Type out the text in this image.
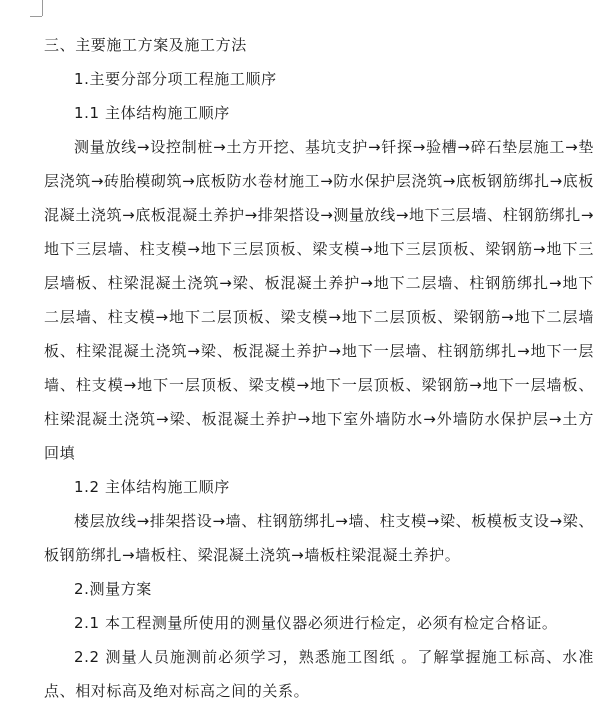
三、主要施工方案及施工方法
1.主要分部分项工程施工顺序
1.1 主体结构施工顺序
测量放线→设控制桩→土方开挖、基坑支护→钎探→验槽→碎石垫层施工→垫层浇筑→砖胎模砌筑→底板防水卷材施工→防水保护层浇筑→底板钢筋绑扎→底板混凝土浇筑→底板混凝土养护→排架搭设→测量放线→地下三层墙、柱钢筋绑扎→地下三层墙、柱支模→地下三层顶板、梁支模→地下三层顶板、梁钢筋→地下三层墙板、柱梁混凝土浇筑→梁、板混凝土养护→地下二层墙、柱钢筋绑扎→地下二层墙、柱支模→地下二层顶板、梁支模→地下二层顶板、梁钢筋→地下二层墙板、柱梁混凝土浇筑→梁、板混凝土养护→地下一层墙、柱钢筋绑扎→地下一层墙、柱支模→地下一层顶板、梁支模→地下一层顶板、梁钢筋→地下一层墙板、柱梁混凝土浇筑→梁、板混凝土养护→地下室外墙防水→外墙防水保护层→土方回填
1.2 主体结构施工顺序
楼层放线→排架搭设→墙、柱钢筋绑扎→墙、柱支模→梁、板模板支设→梁、板钢筋绑扎→墙板柱、梁混凝土浇筑→墙板柱梁混凝土养护。
2.测量方案
2.1 本工程测量所使用的测量仪器必须进行检定，必须有检定合格证。
2.2 测量人员施测前必须学习，熟悉施工图纸 。了解掌握施工标高、水准点、相对标高及绝对标高之间的关系。
